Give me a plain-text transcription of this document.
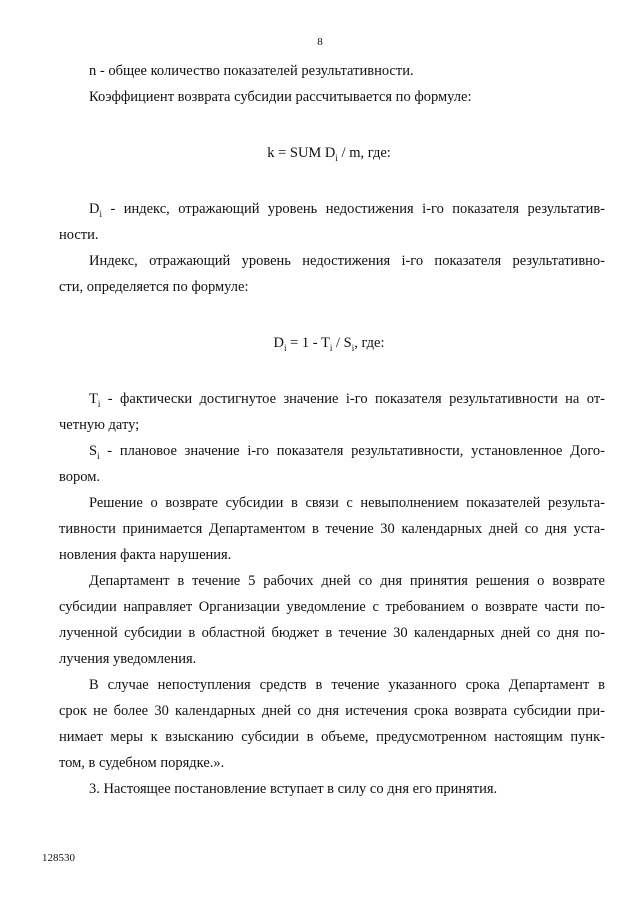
8
n - общее количество показателей результативности.
Коэффициент возврата субсидии рассчитывается по формуле:
k = SUM $D_i$ / m, где:
$D_i$ - индекс, отражающий уровень недостижения i-го показателя результатив-
ности.
Индекс, отражающий уровень недостижения i-го показателя результативно-
сти, определяется по формуле:
$D_i = 1 - T_i / S_i$, где:
$T_i$ - фактически достигнутое значение i-го показателя результативности на от-
четную дату;
$S_i$ - плановое значение i-го показателя результативности, установленное Дого-
вором.
Решение о возврате субсидии в связи с невыполнением показателей результа-
тивности принимается Департаментом в течение 30 календарных дней со дня уста-
новления факта нарушения.
Департамент в течение 5 рабочих дней со дня принятия решения о возврате
субсидии направляет Организации уведомление с требованием о возврате части по-
лученной субсидии в областной бюджет в течение 30 календарных дней со дня по-
лучения уведомления.
В случае непоступления средств в течение указанного срока Департамент в
срок не более 30 календарных дней со дня истечения срока возврата субсидии при-
нимает меры к взысканию субсидии в объеме, предусмотренном настоящим пунк-
том, в судебном порядке.».
3. Настоящее постановление вступает в силу со дня его принятия.
128530
